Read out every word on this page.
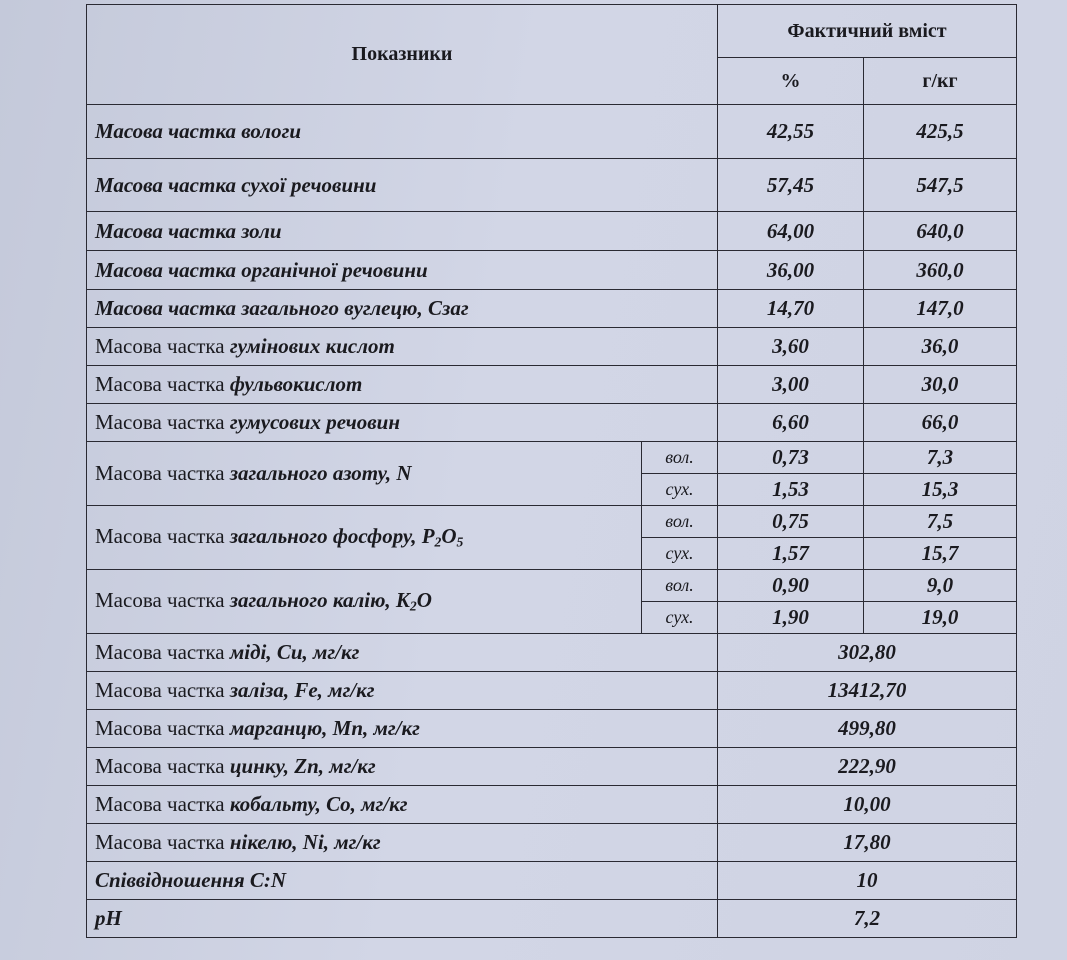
Показники		Фактичний вміст	
		%	г/кг
Масова частка вологи		42,55	425,5
Масова частка сухої речовини		57,45	547,5
Масова частка золи		64,00	640,0
Масова частка органічної речовини		36,00	360,0
Масова частка загального вуглецю, Сзаг		14,70	147,0
Масова частка гумінових кислот		3,60	36,0
Масова частка фульвокислот		3,00	30,0
Масова частка гумусових речовин		6,60	66,0
Масова частка загального азоту, N	вол.	0,73	7,3
	сух.	1,53	15,3
Масова частка загального фосфору, $P_2O_5$	вол.	0,75	7,5
	сух.	1,57	15,7
Масова частка загального калію, $K_2O$	вол.	0,90	9,0
	сух.	1,90	19,0
Масова частка міді, Cu, мг/кг		302,80	
Масова частка заліза, Fe, мг/кг		13412,70	
Масова частка марганцю, Mn, мг/кг		499,80	
Масова частка цинку, Zn, мг/кг		222,90	
Масова частка кобальту, Co, мг/кг		10,00	
Масова частка нікелю, Ni, мг/кг		17,80	
Співвідношення C:N		10	
pH		7,2	
